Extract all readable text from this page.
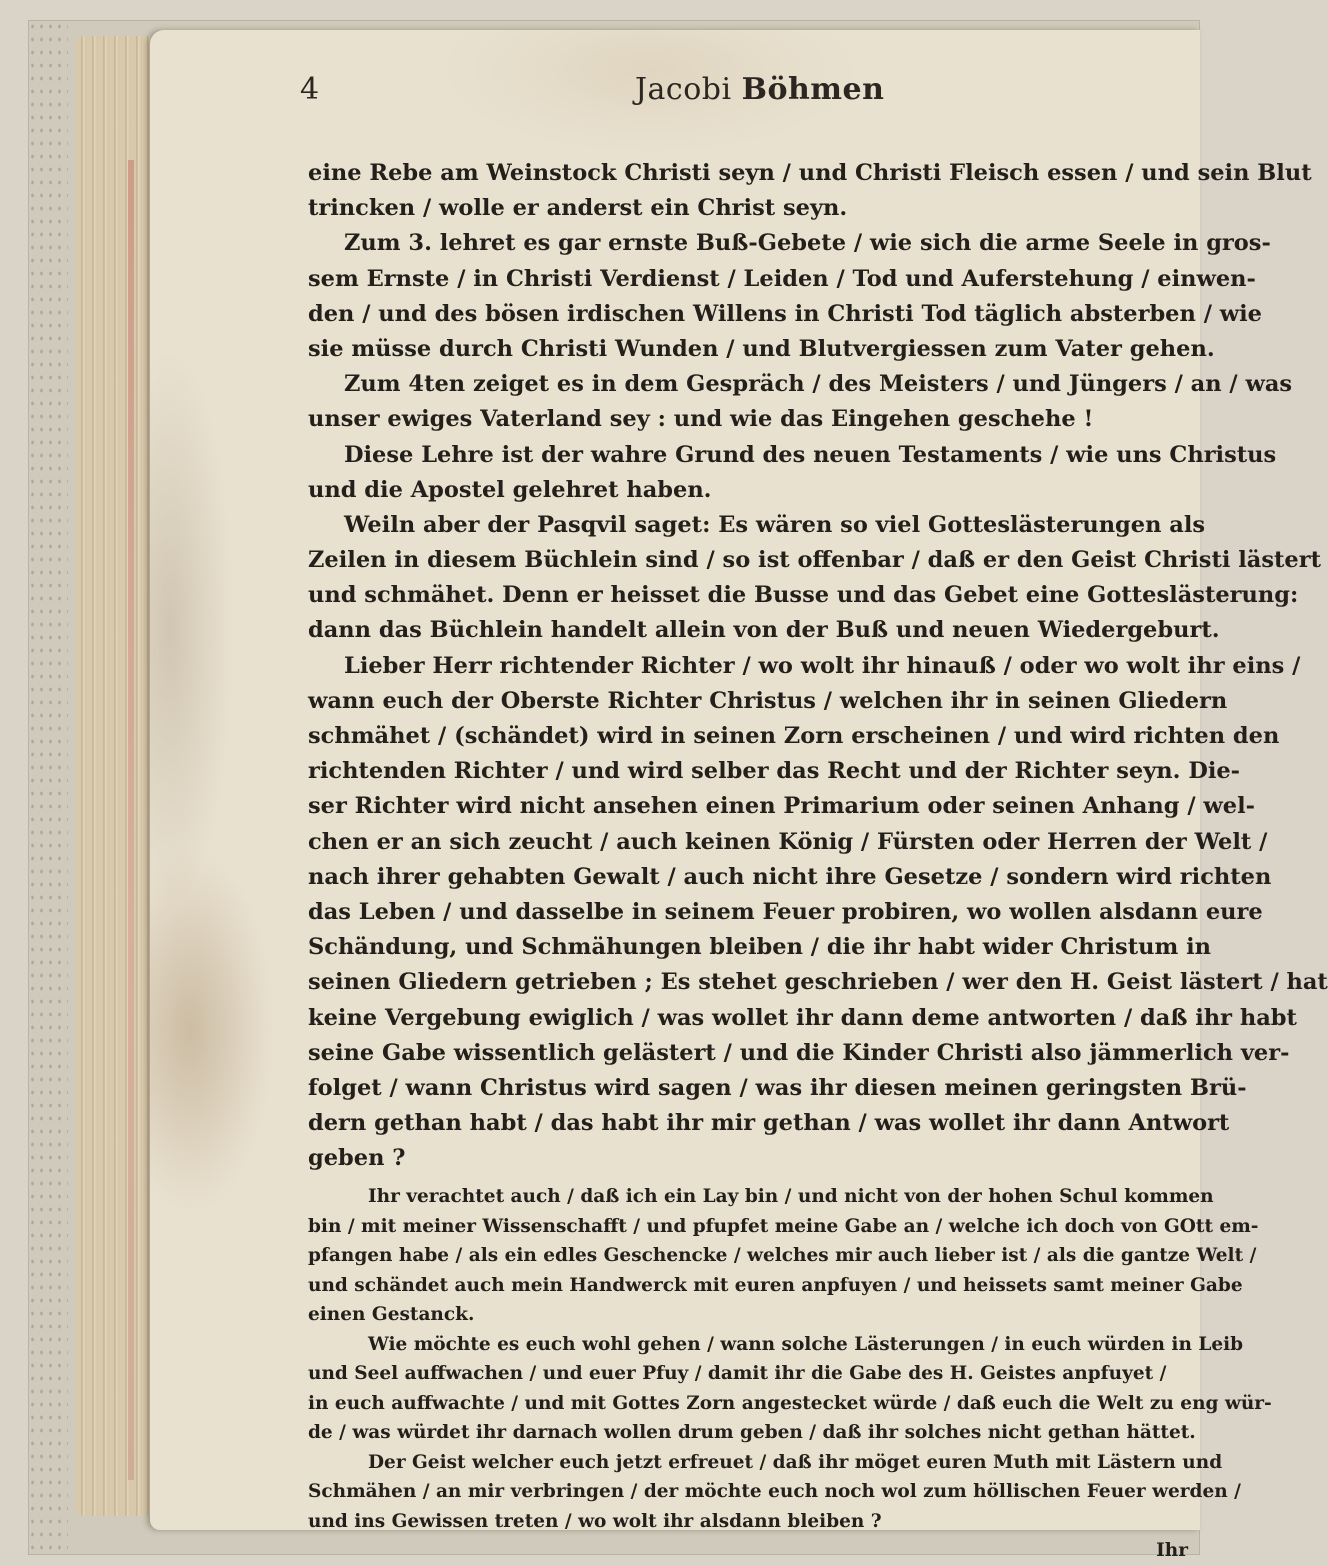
4	Jacobi Böhmen
eine Rebe am Weinstock Christi seyn / und Christi Fleisch essen / und sein Blut
trincken / wolle er anderst ein Christ seyn.
Zum 3. lehret es gar ernste Buß-Gebete / wie sich die arme Seele in gros-
sem Ernste / in Christi Verdienst / Leiden / Tod und Auferstehung / einwen-
den / und des bösen irdischen Willens in Christi Tod täglich absterben / wie
sie müsse durch Christi Wunden / und Blutvergiessen zum Vater gehen.
Zum 4ten zeiget es in dem Gespräch / des Meisters / und Jüngers / an / was
unser ewiges Vaterland sey : und wie das Eingehen geschehe !
Diese Lehre ist der wahre Grund des neuen Testaments / wie uns Christus
und die Apostel gelehret haben.
Weiln aber der Pasqvil saget: Es wären so viel Gotteslästerungen als
Zeilen in diesem Büchlein sind / so ist offenbar / daß er den Geist Christi lästert
und schmähet. Denn er heisset die Busse und das Gebet eine Gotteslästerung:
dann das Büchlein handelt allein von der Buß und neuen Wiedergeburt.
Lieber Herr richtender Richter / wo wolt ihr hinauß / oder wo wolt ihr eins /
wann euch der Oberste Richter Christus / welchen ihr in seinen Gliedern
schmähet / (schändet) wird in seinen Zorn erscheinen / und wird richten den
richtenden Richter / und wird selber das Recht und der Richter seyn. Die-
ser Richter wird nicht ansehen einen Primarium oder seinen Anhang / wel-
chen er an sich zeucht / auch keinen König / Fürsten oder Herren der Welt /
nach ihrer gehabten Gewalt / auch nicht ihre Gesetze / sondern wird richten
das Leben / und dasselbe in seinem Feuer probiren, wo wollen alsdann eure
Schändung, und Schmähungen bleiben / die ihr habt wider Christum in
seinen Gliedern getrieben ; Es stehet geschrieben / wer den H. Geist lästert / hat
keine Vergebung ewiglich / was wollet ihr dann deme antworten / daß ihr habt
seine Gabe wissentlich gelästert / und die Kinder Christi also jämmerlich ver-
folget / wann Christus wird sagen / was ihr diesen meinen geringsten Brü-
dern gethan habt / das habt ihr mir gethan / was wollet ihr dann Antwort
geben ?
Ihr verachtet auch / daß ich ein Lay bin / und nicht von der hohen Schul kommen
bin / mit meiner Wissenschafft / und pfupfet meine Gabe an / welche ich doch von GOtt em-
pfangen habe / als ein edles Geschencke / welches mir auch lieber ist / als die gantze Welt /
und schändet auch mein Handwerck mit euren anpfuyen / und heissets samt meiner Gabe
einen Gestanck.
Wie möchte es euch wohl gehen / wann solche Lästerungen / in euch würden in Leib
und Seel auffwachen / und euer Pfuy / damit ihr die Gabe des H. Geistes anpfuyet /
in euch auffwachte / und mit Gottes Zorn angestecket würde / daß euch die Welt zu eng wür-
de / was würdet ihr darnach wollen drum geben / daß ihr solches nicht gethan hättet.
Der Geist welcher euch jetzt erfreuet / daß ihr möget euren Muth mit Lästern und
Schmähen / an mir verbringen / der möchte euch noch wol zum höllischen Feuer werden /
und ins Gewissen treten / wo wolt ihr alsdann bleiben ?
Ihr
